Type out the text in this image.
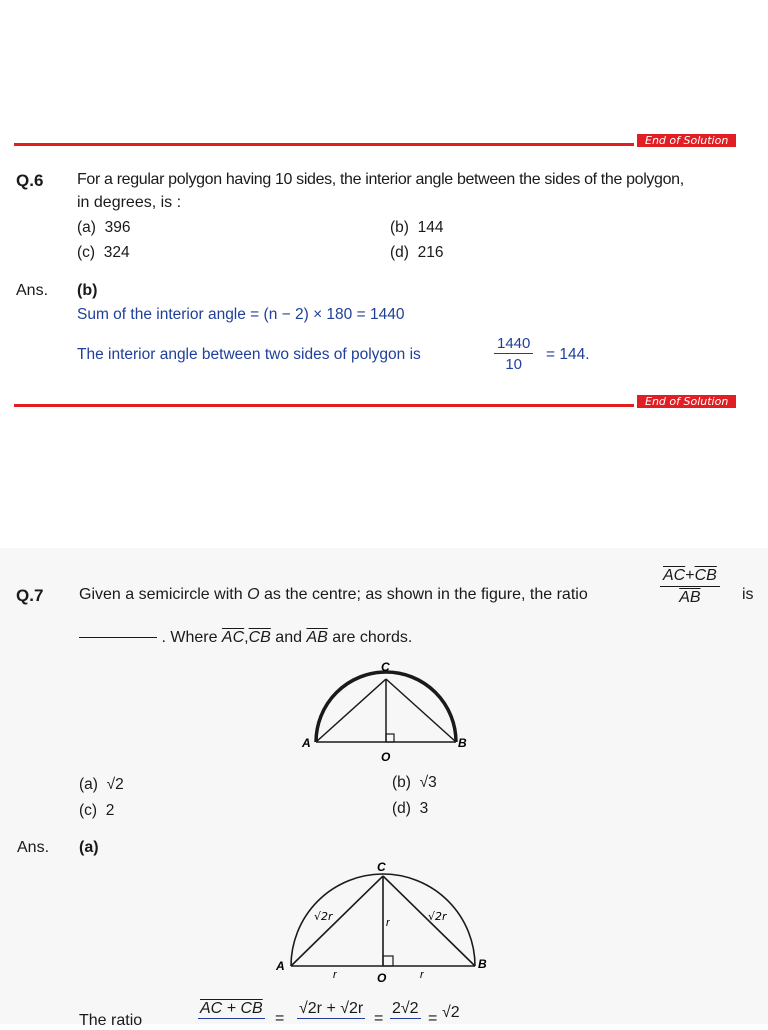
End of Solution
Q.6 For a regular polygon having 10 sides, the interior angle between the sides of the polygon,
in degrees, is :
(a) 396	(b) 144
(c) 324	(d) 216
Ans. (b)
Sum of the interior angle = (n − 2) × 180 = 1440
The interior angle between two sides of polygon is	$\frac{1440}{10} = 144$.
End of Solution
Q.7 Given a semicircle with O as the centre; as shown in the figure, the ratio	$\frac{\overline{AC}+\overline{CB}}{AB}$ is
. Where $\overline{AC},\overline{CB}$ and $\overline{AB}$ are chords.
C
A	B
O
(a) √2	(b) √3
(c) 2	(d) 3
Ans. (a)
C
A	B
O
r
r	r
√2r	√2r
The ratio
AC + CB
=
√2r + √2r
=
2√2
= √2
